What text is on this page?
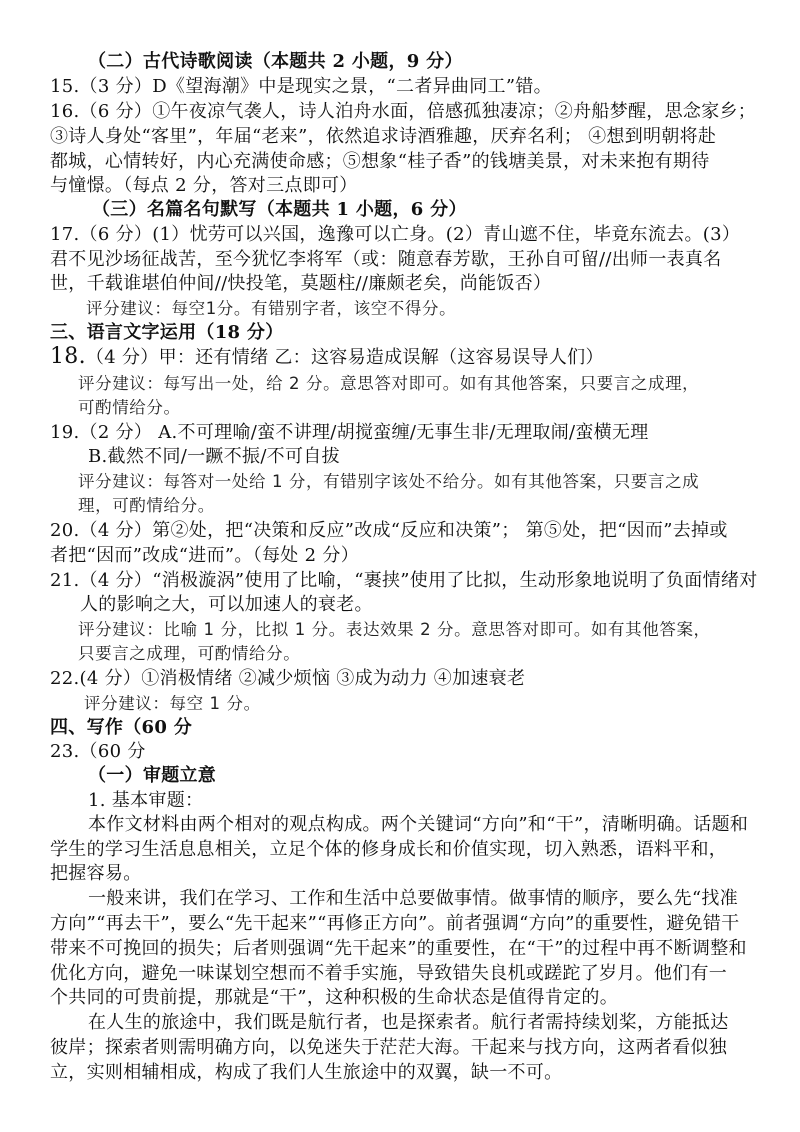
（二）古代诗歌阅读（本题共 2 小题，9 分）
15.（3 分）D《望海潮》中是现实之景，“二者异曲同工”错。
16.（6 分）①午夜凉气袭人，诗人泊舟水面，倍感孤独凄凉；②舟船梦醒，思念家乡；
③诗人身处“客里”，年届“老来”，依然追求诗酒雅趣，厌弃名利； ④想到明朝将赴
都城，心情转好，内心充满使命感；⑤想象“桂子香”的钱塘美景，对未来抱有期待
与憧憬。（每点 2 分，答对三点即可）
（三）名篇名句默写（本题共 1 小题，6 分）
17.（6 分）(1）忧劳可以兴国，逸豫可以亡身。(2）青山遮不住，毕竟东流去。(3）
君不见沙场征战苦，至今犹忆李将军（或：随意春芳歇，王孙自可留//出师一表真名
世，千载谁堪伯仲间//快投笔，莫题柱//廉颇老矣，尚能饭否）
评分建议：每空1分。有错别字者，该空不得分。
三、语言文字运用（18 分）
18.（4 分）甲：还有情绪 乙：这容易造成误解（这容易误导人们）
评分建议：每写出一处，给 2 分。意思答对即可。如有其他答案，只要言之成理，
可酌情给分。
19.（2 分） A.不可理喻/蛮不讲理/胡搅蛮缠/无事生非/无理取闹/蛮横无理
B.截然不同/一蹶不振/不可自拔
评分建议：每答对一处给 1 分，有错别字该处不给分。如有其他答案，只要言之成
理，可酌情给分。
20.（4 分）第②处，把“决策和反应”改成“反应和决策”； 第⑤处，把“因而”去掉或
者把“因而”改成“进而”。（每处 2 分）
21.（4 分）“消极漩涡”使用了比喻，“裹挟”使用了比拟，生动形象地说明了负面情绪对
人的影响之大，可以加速人的衰老。
评分建议：比喻 1 分，比拟 1 分。表达效果 2 分。意思答对即可。如有其他答案，
只要言之成理，可酌情给分。
22.(4 分）①消极情绪 ②减少烦恼 ③成为动力 ④加速衰老
评分建议：每空 1 分。
四、写作（60 分
23.（60 分
（一）审题立意
1. 基本审题：
本作文材料由两个相对的观点构成。两个关键词“方向”和“干”，清晰明确。话题和
学生的学习生活息息相关，立足个体的修身成长和价值实现，切入熟悉，语料平和，
把握容易。
一般来讲，我们在学习、工作和生活中总要做事情。做事情的顺序，要么先“找准
方向”“再去干”，要么“先干起来”“再修正方向”。前者强调“方向”的重要性，避免错干
带来不可挽回的损失；后者则强调“先干起来”的重要性，在“干”的过程中再不断调整和
优化方向，避免一味谋划空想而不着手实施，导致错失良机或蹉跎了岁月。他们有一
个共同的可贵前提，那就是“干”，这种积极的生命状态是值得肯定的。
在人生的旅途中，我们既是航行者，也是探索者。航行者需持续划桨，方能抵达
彼岸；探索者则需明确方向，以免迷失于茫茫大海。干起来与找方向，这两者看似独
立，实则相辅相成，构成了我们人生旅途中的双翼，缺一不可。
